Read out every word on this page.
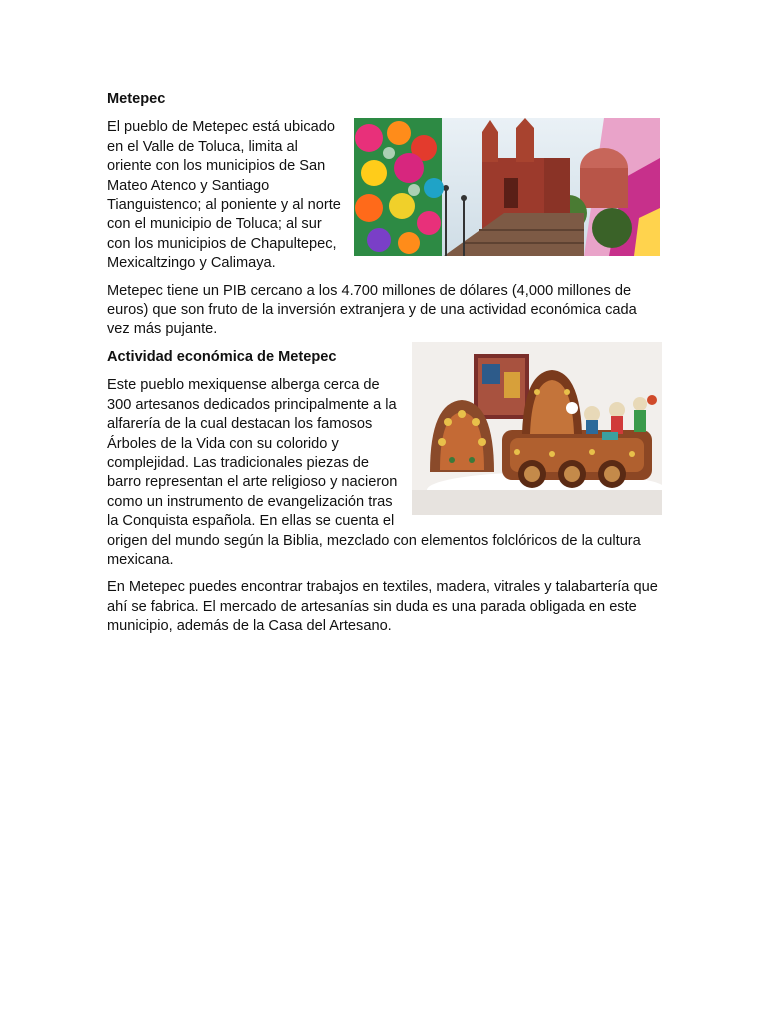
Metepec

El pueblo de Metepec está ubicado en el Valle de Toluca, limita al oriente con los municipios de San Mateo Atenco y Santiago Tianguistenco; al poniente y al norte con el municipio de Toluca; al sur con los municipios de Chapultepec, Mexicaltzingo y Calimaya.

Metepec tiene un PIB cercano a los 4.700 millones de dólares (4,000 millones de euros) que son fruto de la inversión extranjera y de una actividad económica cada vez más pujante.

Actividad económica de Metepec

Este pueblo mexiquense alberga cerca de 300 artesanos dedicados principalmente a la alfarería de la cual destacan los famosos Árboles de la Vida con su colorido y complejidad. Las tradicionales piezas de barro representan el arte religioso y nacieron como un instrumento de evangelización tras la Conquista española. En ellas se cuenta el origen del mundo según la Biblia, mezclado con elementos folclóricos de la cultura mexicana.

En Metepec puedes encontrar trabajos en textiles, madera, vitrales y talabartería que ahí se fabrica. El mercado de artesanías sin duda es una parada obligada en este municipio, además de la Casa del Artesano.
